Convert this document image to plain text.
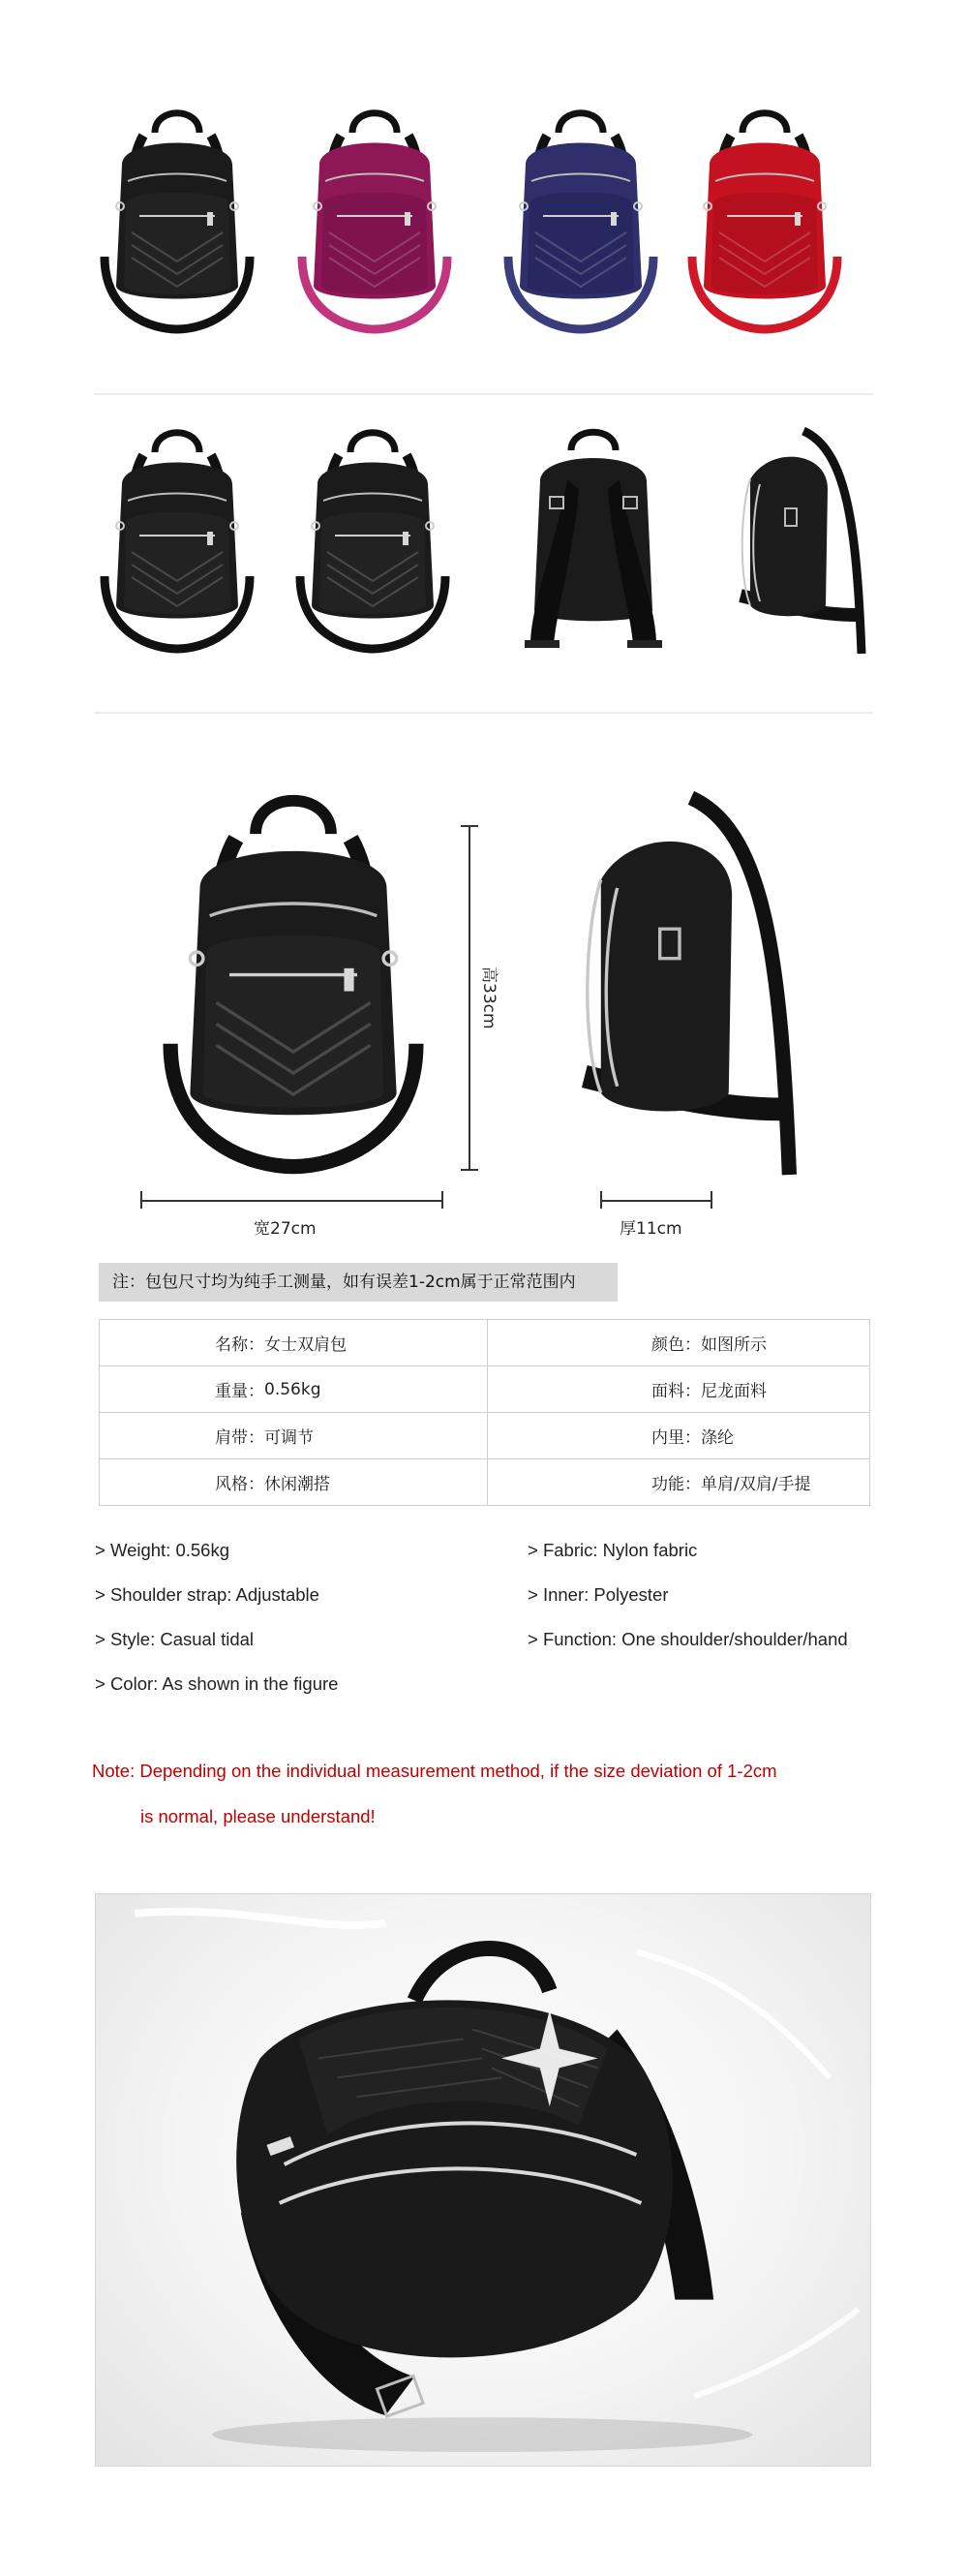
高33cm
宽27cm	厚11cm
注：包包尺寸均为纯手工测量，如有误差1-2cm属于正常范围内
名称： 女士双肩包	颜色： 如图所示

重量： 0.56kg	面料： 尼龙面料

肩带： 可调节	内里： 涤纶

风格： 休闲潮搭	功能： 单肩/双肩/手提
> Weight: 0.56kg
> Shoulder strap: Adjustable
> Style: Casual tidal
> Color: As shown in the figure
> Fabric: Nylon fabric
> Inner: Polyester
> Function: One shoulder/shoulder/hand
Note: Depending on the individual measurement method, if the size deviation of 1-2cm
is normal, please understand!
